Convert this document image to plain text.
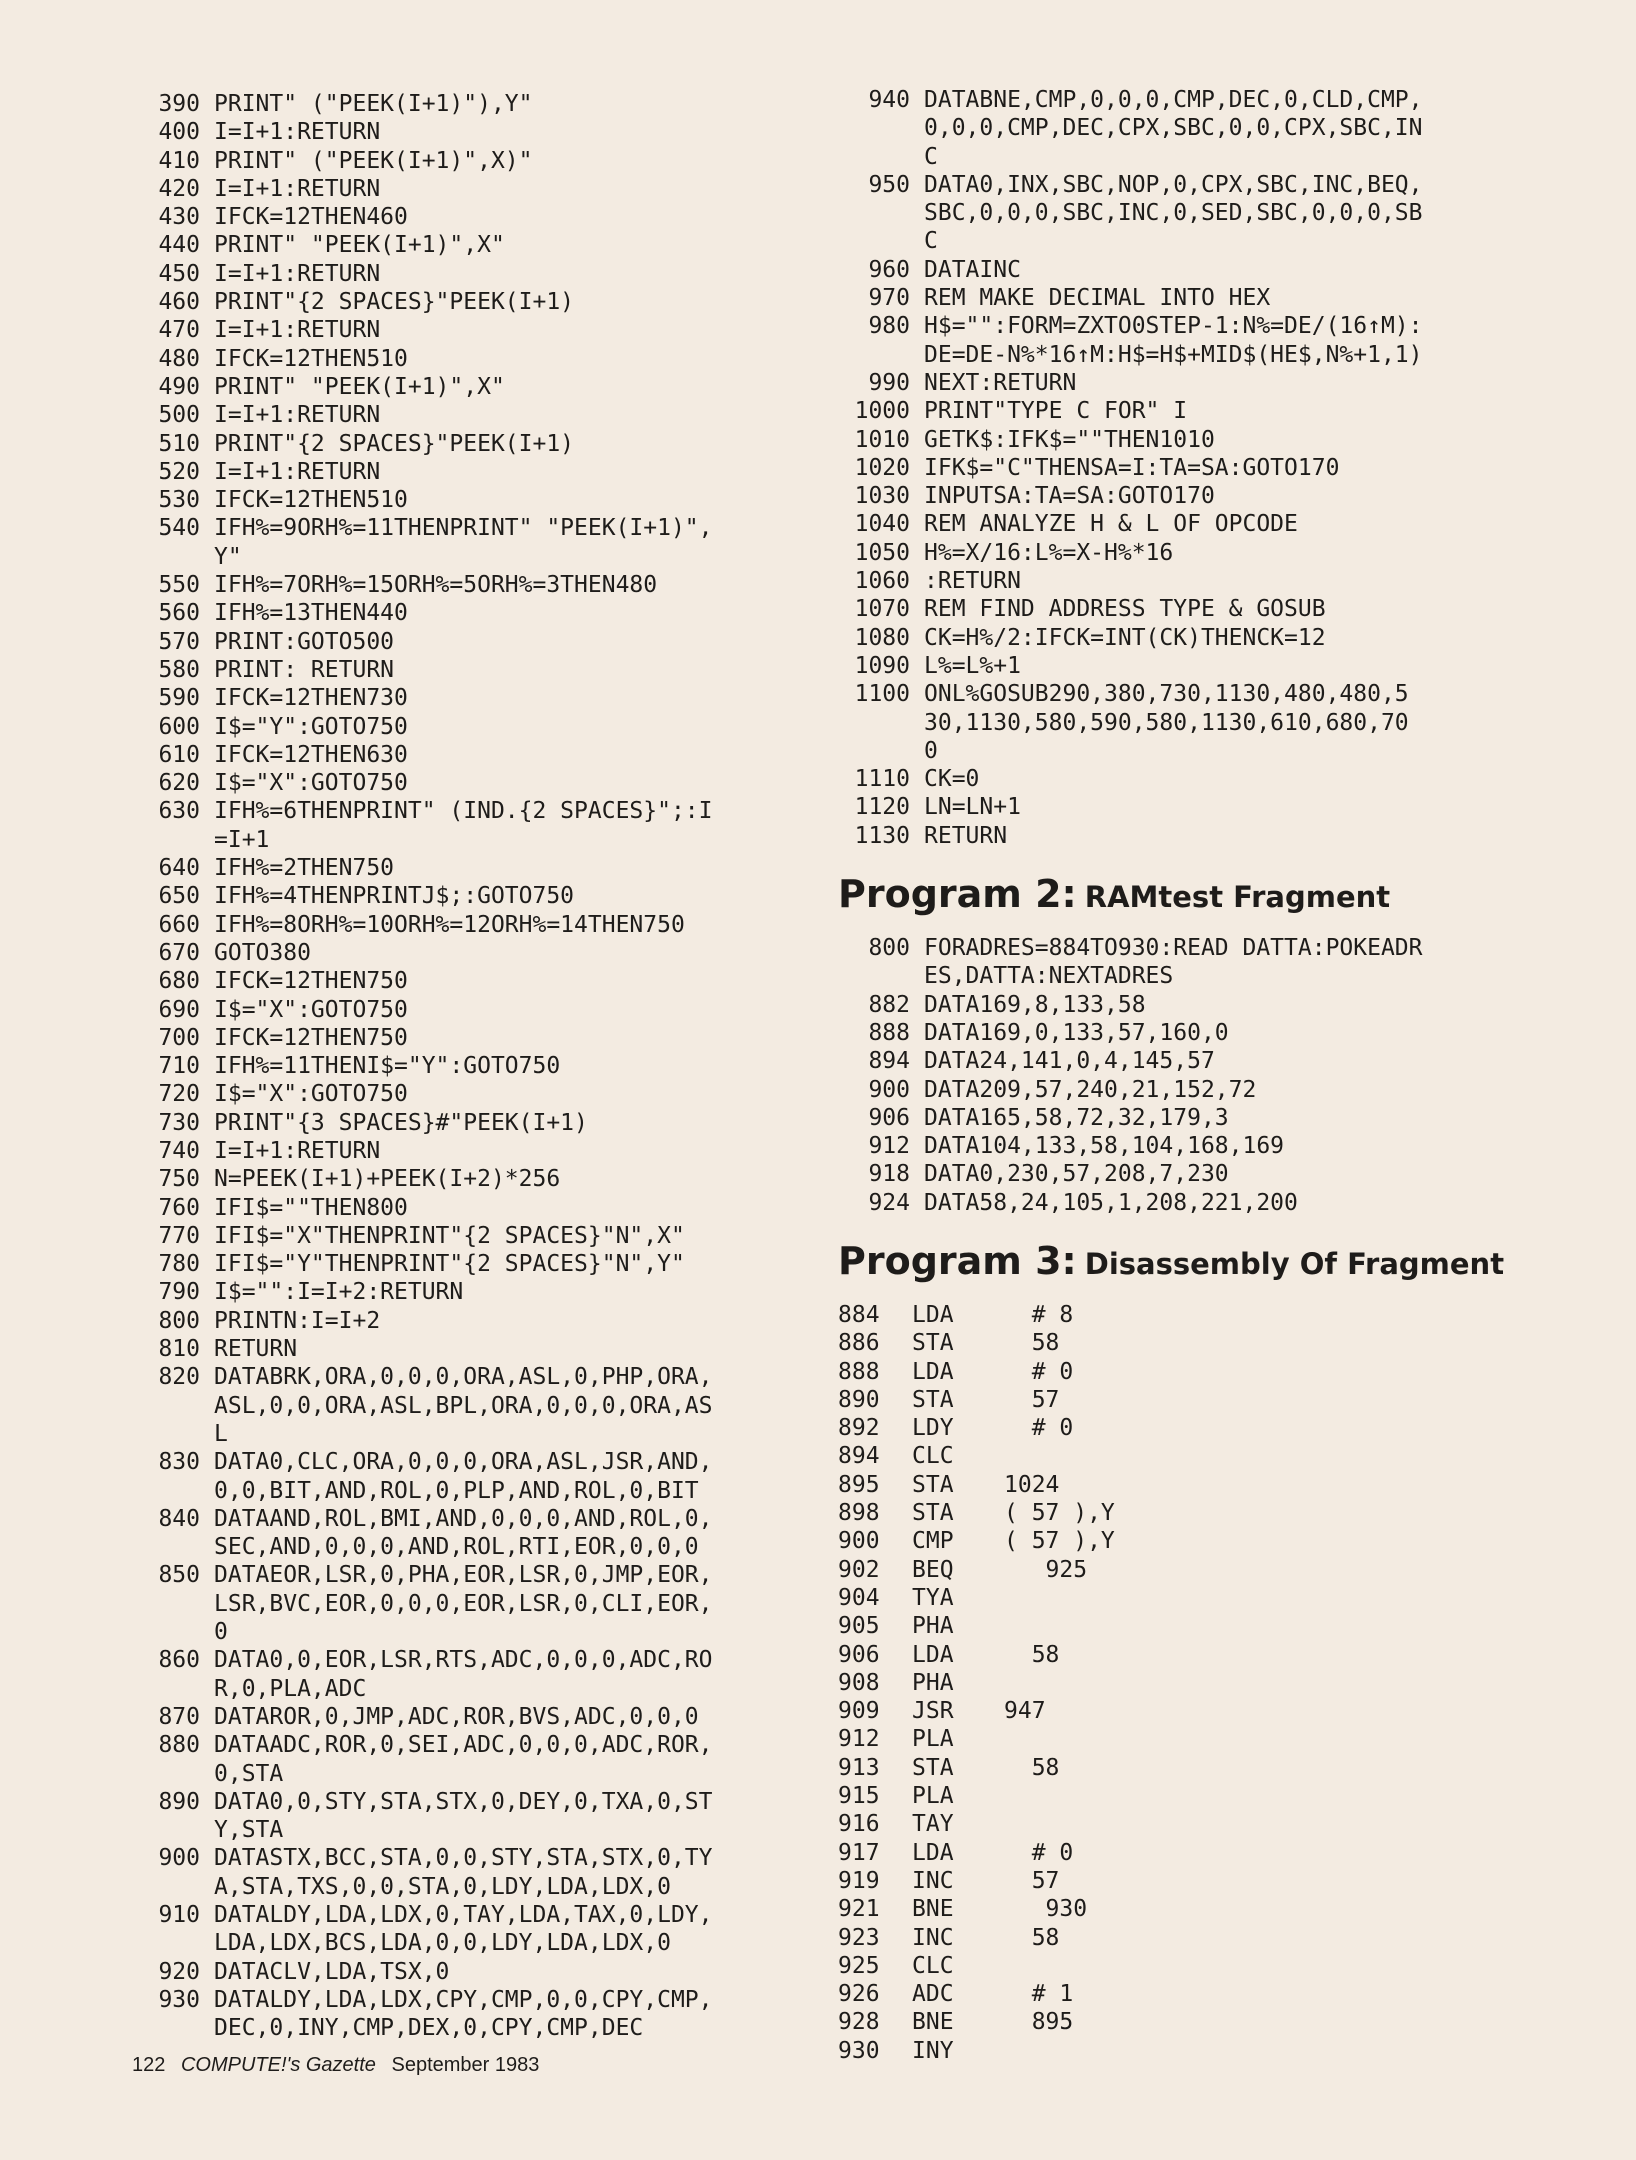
390 PRINT" ("PEEK(I+1)"),Y"
400 I=I+1:RETURN
410 PRINT" ("PEEK(I+1)",X)"
420 I=I+1:RETURN
430 IFCK=12THEN460
440 PRINT" "PEEK(I+1)",X"
450 I=I+1:RETURN
460 PRINT"{2 SPACES}"PEEK(I+1)
470 I=I+1:RETURN
480 IFCK=12THEN510
490 PRINT" "PEEK(I+1)",X"
500 I=I+1:RETURN
510 PRINT"{2 SPACES}"PEEK(I+1)
520 I=I+1:RETURN
530 IFCK=12THEN510
540 IFH%=9ORH%=11THENPRINT" "PEEK(I+1)",
Y"
550 IFH%=7ORH%=15ORH%=5ORH%=3THEN480
560 IFH%=13THEN440
570 PRINT:GOTO500
580 PRINT: RETURN
590 IFCK=12THEN730
600 I$="Y":GOTO750
610 IFCK=12THEN630
620 I$="X":GOTO750
630 IFH%=6THENPRINT" (IND.{2 SPACES}";:I
=I+1
640 IFH%=2THEN750
650 IFH%=4THENPRINTJ$;:GOTO750
660 IFH%=8ORH%=10ORH%=12ORH%=14THEN750
670 GOTO380
680 IFCK=12THEN750
690 I$="X":GOTO750
700 IFCK=12THEN750
710 IFH%=11THENI$="Y":GOTO750
720 I$="X":GOTO750
730 PRINT"{3 SPACES}#"PEEK(I+1)
740 I=I+1:RETURN
750 N=PEEK(I+1)+PEEK(I+2)*256
760 IFI$=""THEN800
770 IFI$="X"THENPRINT"{2 SPACES}"N",X"
780 IFI$="Y"THENPRINT"{2 SPACES}"N",Y"
790 I$="":I=I+2:RETURN
800 PRINTN:I=I+2
810 RETURN
820 DATABRK,ORA,0,0,0,ORA,ASL,0,PHP,ORA,
ASL,0,0,ORA,ASL,BPL,ORA,0,0,0,ORA,AS
L
830 DATA0,CLC,ORA,0,0,0,ORA,ASL,JSR,AND,
0,0,BIT,AND,ROL,0,PLP,AND,ROL,0,BIT
840 DATAAND,ROL,BMI,AND,0,0,0,AND,ROL,0,
SEC,AND,0,0,0,AND,ROL,RTI,EOR,0,0,0
850 DATAEOR,LSR,0,PHA,EOR,LSR,0,JMP,EOR,
LSR,BVC,EOR,0,0,0,EOR,LSR,0,CLI,EOR,
0
860 DATA0,0,EOR,LSR,RTS,ADC,0,0,0,ADC,RO
R,0,PLA,ADC
870 DATAROR,0,JMP,ADC,ROR,BVS,ADC,0,0,0
880 DATAADC,ROR,0,SEI,ADC,0,0,0,ADC,ROR,
0,STA
890 DATA0,0,STY,STA,STX,0,DEY,0,TXA,0,ST
Y,STA
900 DATASTX,BCC,STA,0,0,STY,STA,STX,0,TY
A,STA,TXS,0,0,STA,0,LDY,LDA,LDX,0
910 DATALDY,LDA,LDX,0,TAY,LDA,TAX,0,LDY,
LDA,LDX,BCS,LDA,0,0,LDY,LDA,LDX,0
920 DATACLV,LDA,TSX,0
930 DATALDY,LDA,LDX,CPY,CMP,0,0,CPY,CMP,
DEC,0,INY,CMP,DEX,0,CPY,CMP,DEC
940 DATABNE,CMP,0,0,0,CMP,DEC,0,CLD,CMP,
0,0,0,CMP,DEC,CPX,SBC,0,0,CPX,SBC,IN
C
950 DATA0,INX,SBC,NOP,0,CPX,SBC,INC,BEQ,
SBC,0,0,0,SBC,INC,0,SED,SBC,0,0,0,SB
C
960 DATAINC
970 REM MAKE DECIMAL INTO HEX
980 H$="":FORM=ZXTO0STEP-1:N%=DE/(16↑M):
DE=DE-N%*16↑M:H$=H$+MID$(HE$,N%+1,1)
990 NEXT:RETURN
1000 PRINT"TYPE C FOR" I
1010 GETK$:IFK$=""THEN1010
1020 IFK$="C"THENSA=I:TA=SA:GOTO170
1030 INPUTSA:TA=SA:GOTO170
1040 REM ANALYZE H & L OF OPCODE
1050 H%=X/16:L%=X-H%*16
1060 :RETURN
1070 REM FIND ADDRESS TYPE & GOSUB
1080 CK=H%/2:IFCK=INT(CK)THENCK=12
1090 L%=L%+1
1100 ONL%GOSUB290,380,730,1130,480,480,5
30,1130,580,590,580,1130,610,680,70
0
1110 CK=0
1120 LN=LN+1
1130 RETURN
Program 2: RAMtest Fragment
800 FORADRES=884TO930:READ DATTA:POKEADR
ES,DATTA:NEXTADRES
882 DATA169,8,133,58
888 DATA169,0,133,57,160,0
894 DATA24,141,0,4,145,57
900 DATA209,57,240,21,152,72
906 DATA165,58,72,32,179,3
912 DATA104,133,58,104,168,169
918 DATA0,230,57,208,7,230
924 DATA58,24,105,1,208,221,200
Program 3: Disassembly Of Fragment
884	LDA	# 8
886	STA	58
888	LDA	# 0
890	STA	57
892	LDY	# 0
894	CLC
895	STA	1024
898	STA	( 57 ),Y
900	CMP	( 57 ),Y
902	BEQ	925
904	TYA
905	PHA
906	LDA	58
908	PHA
909	JSR	947
912	PLA
913	STA	58
915	PLA
916	TAY
917	LDA	# 0
919	INC	57
921	BNE	930
923	INC	58
925	CLC
926	ADC	# 1
928	BNE	895
930	INY
122 COMPUTE!'s Gazette September 1983
